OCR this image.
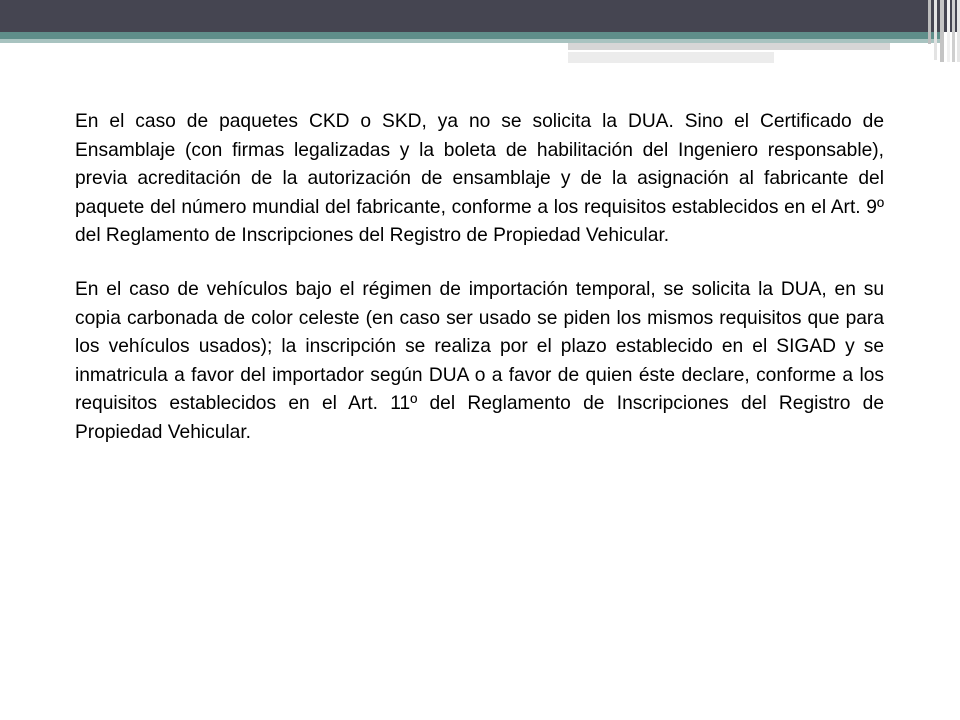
En el caso de paquetes CKD o SKD, ya no se solicita la DUA. Sino el Certificado de Ensamblaje (con firmas legalizadas y la boleta de habilitación del Ingeniero responsable), previa acreditación de la autorización de ensamblaje y de la asignación al fabricante del paquete del número mundial del fabricante, conforme a los requisitos establecidos en el Art. 9º del Reglamento de Inscripciones del Registro de Propiedad Vehicular.

En el caso de vehículos bajo el régimen de importación temporal, se solicita la DUA, en su copia carbonada de color celeste (en caso ser usado se piden los mismos requisitos que para los vehículos usados); la inscripción se realiza por el plazo establecido en el SIGAD y se inmatricula a favor del importador según DUA o a favor de quien éste declare, conforme a los requisitos establecidos en el Art. 11º del Reglamento de Inscripciones del Registro de Propiedad Vehicular.
